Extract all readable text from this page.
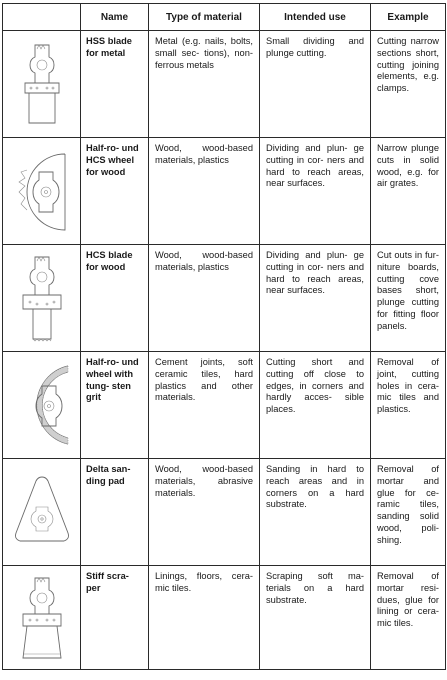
	Name	Type of material	Intended use	Example

	HSS blade for metal	Metal (e.g. nails, bolts, small sec- tions), non-ferrous metals	Small dividing and plunge cutting.	Cutting narrow sections short, cutting joining elements, e.g. clamps.

	Half-ro- und HCS wheel for wood	Wood, wood-based materials, plastics	Dividing and plun- ge cutting in cor- ners and hard to reach areas, near surfaces.	Narrow plunge cuts in solid wood, e.g. for air grates.

	HCS blade for wood	Wood, wood-based materials, plastics	Dividing and plun- ge cutting in cor- ners and hard to reach areas, near surfaces.	Cut outs in fur- niture boards, cutting cove bases short, plunge cutting for fitting floor panels.

	Half-ro- und wheel with tung- sten grit	Cement joints, soft ceramic tiles, hard plastics and other materials.	Cutting short and cutting off close to edges, in corners and hardly acces- sible places.	Removal of joint, cutting holes in cera- mic tiles and plastics.

	Delta san- ding pad	Wood, wood-based materials, abrasive materials.	Sanding in hard to reach areas and in corners on a hard substrate.	Removal of mortar and glue for ce- ramic tiles, sanding solid wood, poli- shing.

	Stiff scra- per	Linings, floors, cera- mic tiles.	Scraping soft ma- terials on a hard substrate.	Removal of mortar resi- dues, glue for lining or cera- mic tiles.
